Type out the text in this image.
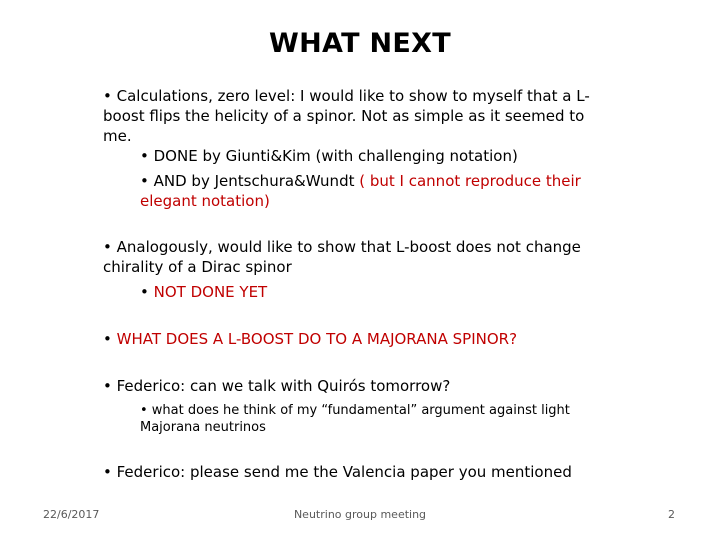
WHAT NEXT

• Calculations, zero level: I would like to show to myself that a L-boost flips the helicity of a spinor. Not as simple as it seemed to me.

• DONE by Giunti&Kim (with challenging notation)

• AND by Jentschura&Wundt ( but I cannot reproduce their elegant notation)

• Analogously, would like to show that L-boost does not change chirality of a Dirac spinor

• NOT DONE YET

• WHAT DOES A L-BOOST DO TO A MAJORANA SPINOR?

• Federico: can we talk with Quirós tomorrow?

• what does he think of my “fundamental” argument against light Majorana neutrinos

• Federico: please send me the Valencia paper you mentioned

22/6/2017	Neutrino group meeting	2
